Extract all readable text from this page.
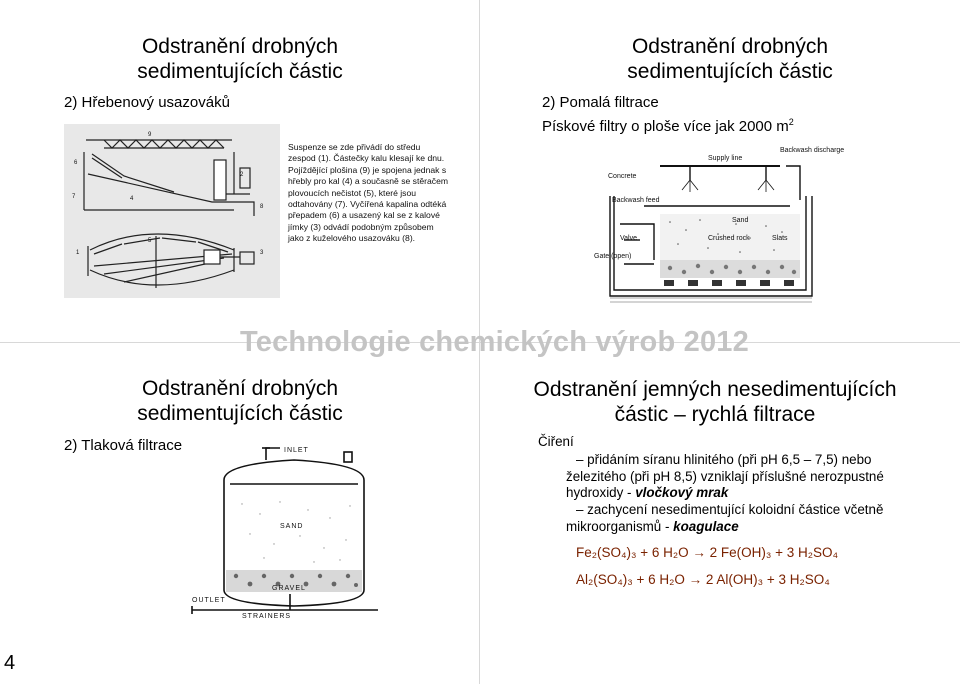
Odstranění drobných
sedimentujících částic
2) Hřebenový usazováků
9
6
7
2
4
8
5
3
1
Suspenze se zde přivádí do středu zespod (1). Částečky kalu klesají ke dnu. Pojíždějící plošina (9) je spojena jednak s hřebly pro kal (4) a současně se stěračem plovoucích nečistot (5), které jsou odtahovány (7). Vyčířená kapalina odtéká přepadem (6) a usazený kal se z kalové jímky (3) odvádí podobným způsobem jako z kuželového usazováku (8).
Odstranění drobných
sedimentujících částic
2) Pomalá filtrace
Pískové filtry o ploše více jak 2000 $m^2$
Concrete
Supply line
Backwash discharge
Backwash feed
Sand
Crushed rock	Slats
Valve
Gate (open)
Technologie chemických výrob 2012
Odstranění drobných
sedimentujících částic
2) Tlaková filtrace	INLET
SAND
GRAVEL
OUTLET
STRAINERS
Odstranění jemných nesedimentujících
částic – rychlá filtrace
Čiření
– přidáním síranu hlinitého (při pH 6,5 – 7,5) nebo
železitého (při pH 8,5) vzniklají příslušné nerozpustné
hydroxidy - vločkový mrak
– zachycení nesedimentující koloidní částice včetně
mikroorganismů - koagulace
Fe₂(SO₄)₃ + 6 H₂O → 2 Fe(OH)₃ + 3 H₂SO₄
Al₂(SO₄)₃ + 6 H₂O → 2 Al(OH)₃ + 3 H₂SO₄
4
